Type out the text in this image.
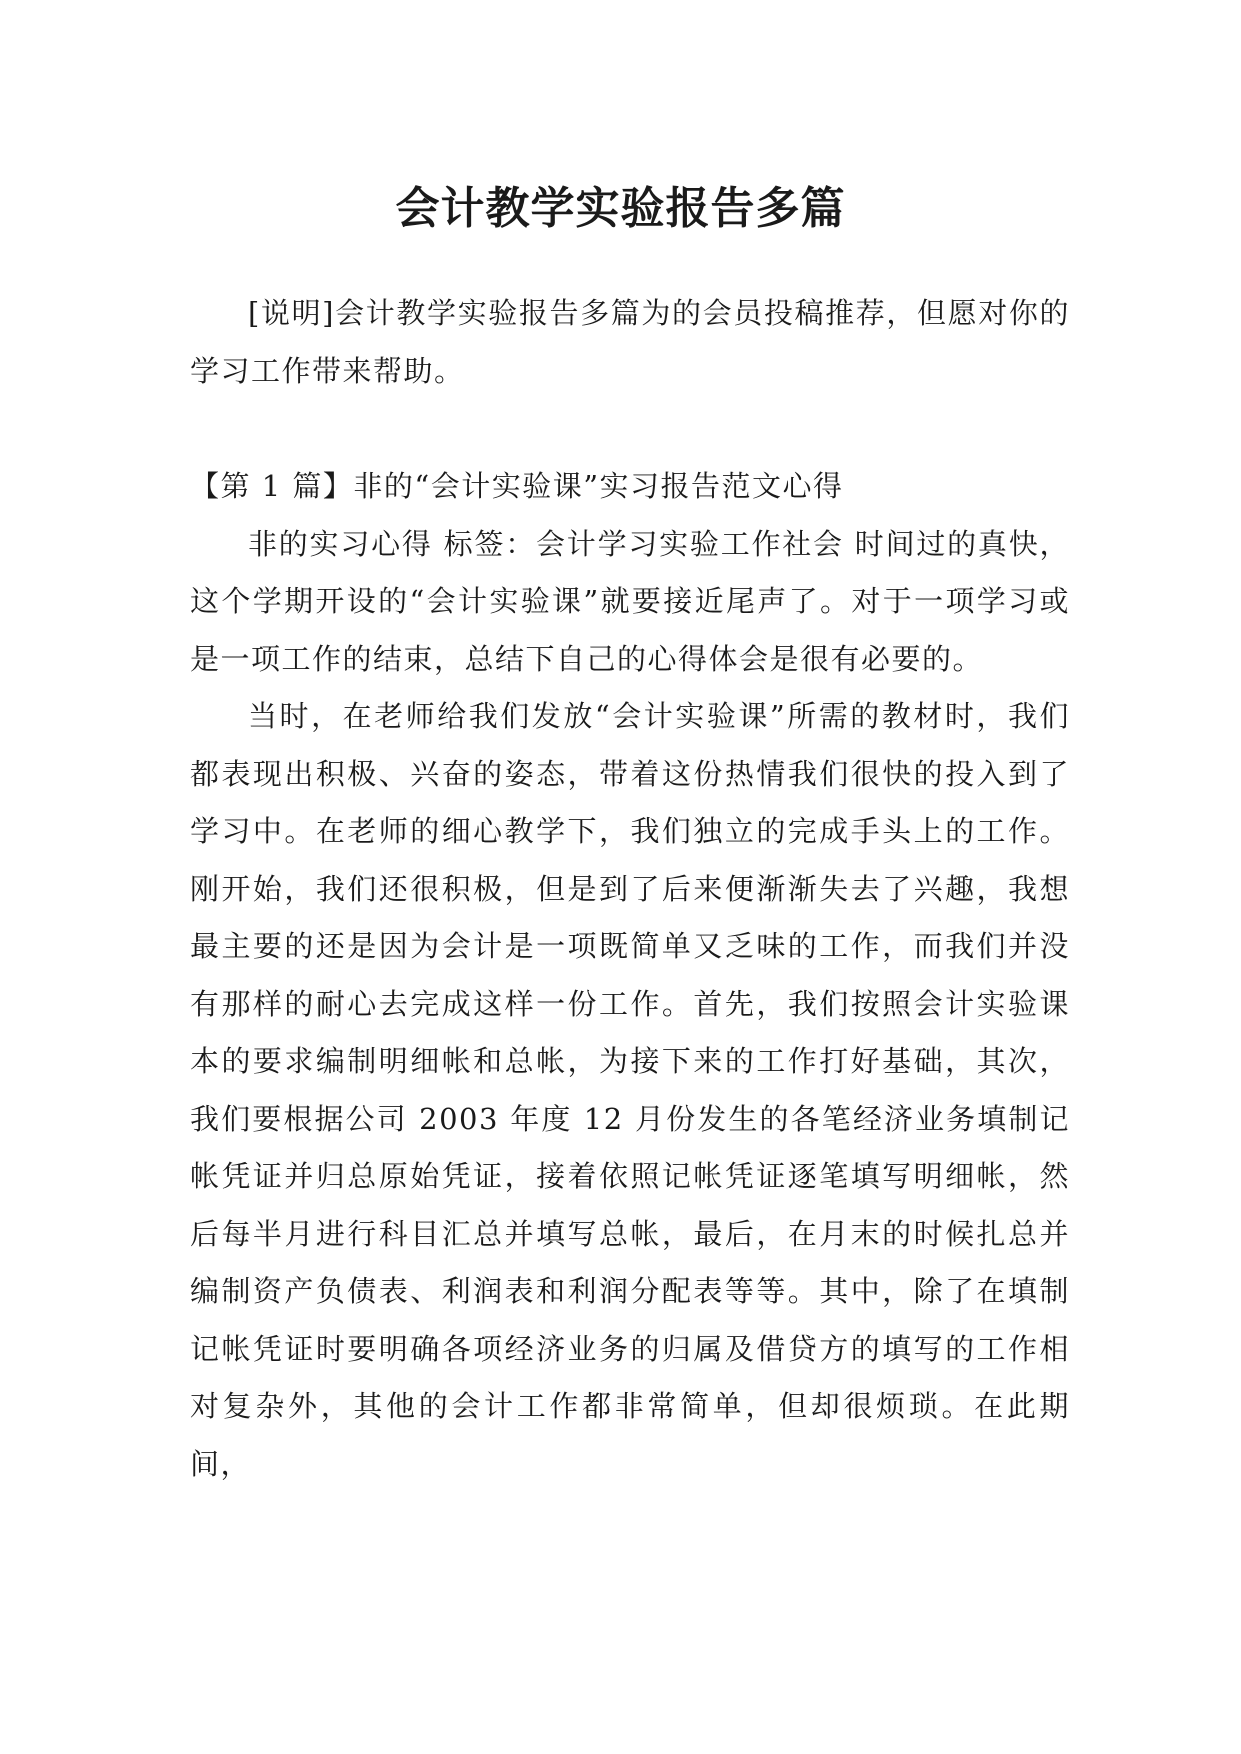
会计教学实验报告多篇

[说明]会计教学实验报告多篇为的会员投稿推荐，但愿对你的学习工作带来帮助。

【第 1 篇】非的“会计实验课”实习报告范文心得

非的实习心得 标签：会计学习实验工作社会 时间过的真快，这个学期开设的“会计实验课”就要接近尾声了。对于一项学习或是一项工作的结束，总结下自己的心得体会是很有必要的。

当时，在老师给我们发放“会计实验课”所需的教材时，我们都表现出积极、兴奋的姿态，带着这份热情我们很快的投入到了学习中。在老师的细心教学下，我们独立的完成手头上的工作。刚开始，我们还很积极，但是到了后来便渐渐失去了兴趣，我想最主要的还是因为会计是一项既简单又乏味的工作，而我们并没有那样的耐心去完成这样一份工作。首先，我们按照会计实验课本的要求编制明细帐和总帐，为接下来的工作打好基础，其次，我们要根据公司 2003 年度 12 月份发生的各笔经济业务填制记帐凭证并归总原始凭证，接着依照记帐凭证逐笔填写明细帐，然后每半月进行科目汇总并填写总帐，最后，在月末的时候扎总并编制资产负债表、利润表和利润分配表等等。其中，除了在填制记帐凭证时要明确各项经济业务的归属及借贷方的填写的工作相对复杂外，其他的会计工作都非常简单，但却很烦琐。在此期间，
